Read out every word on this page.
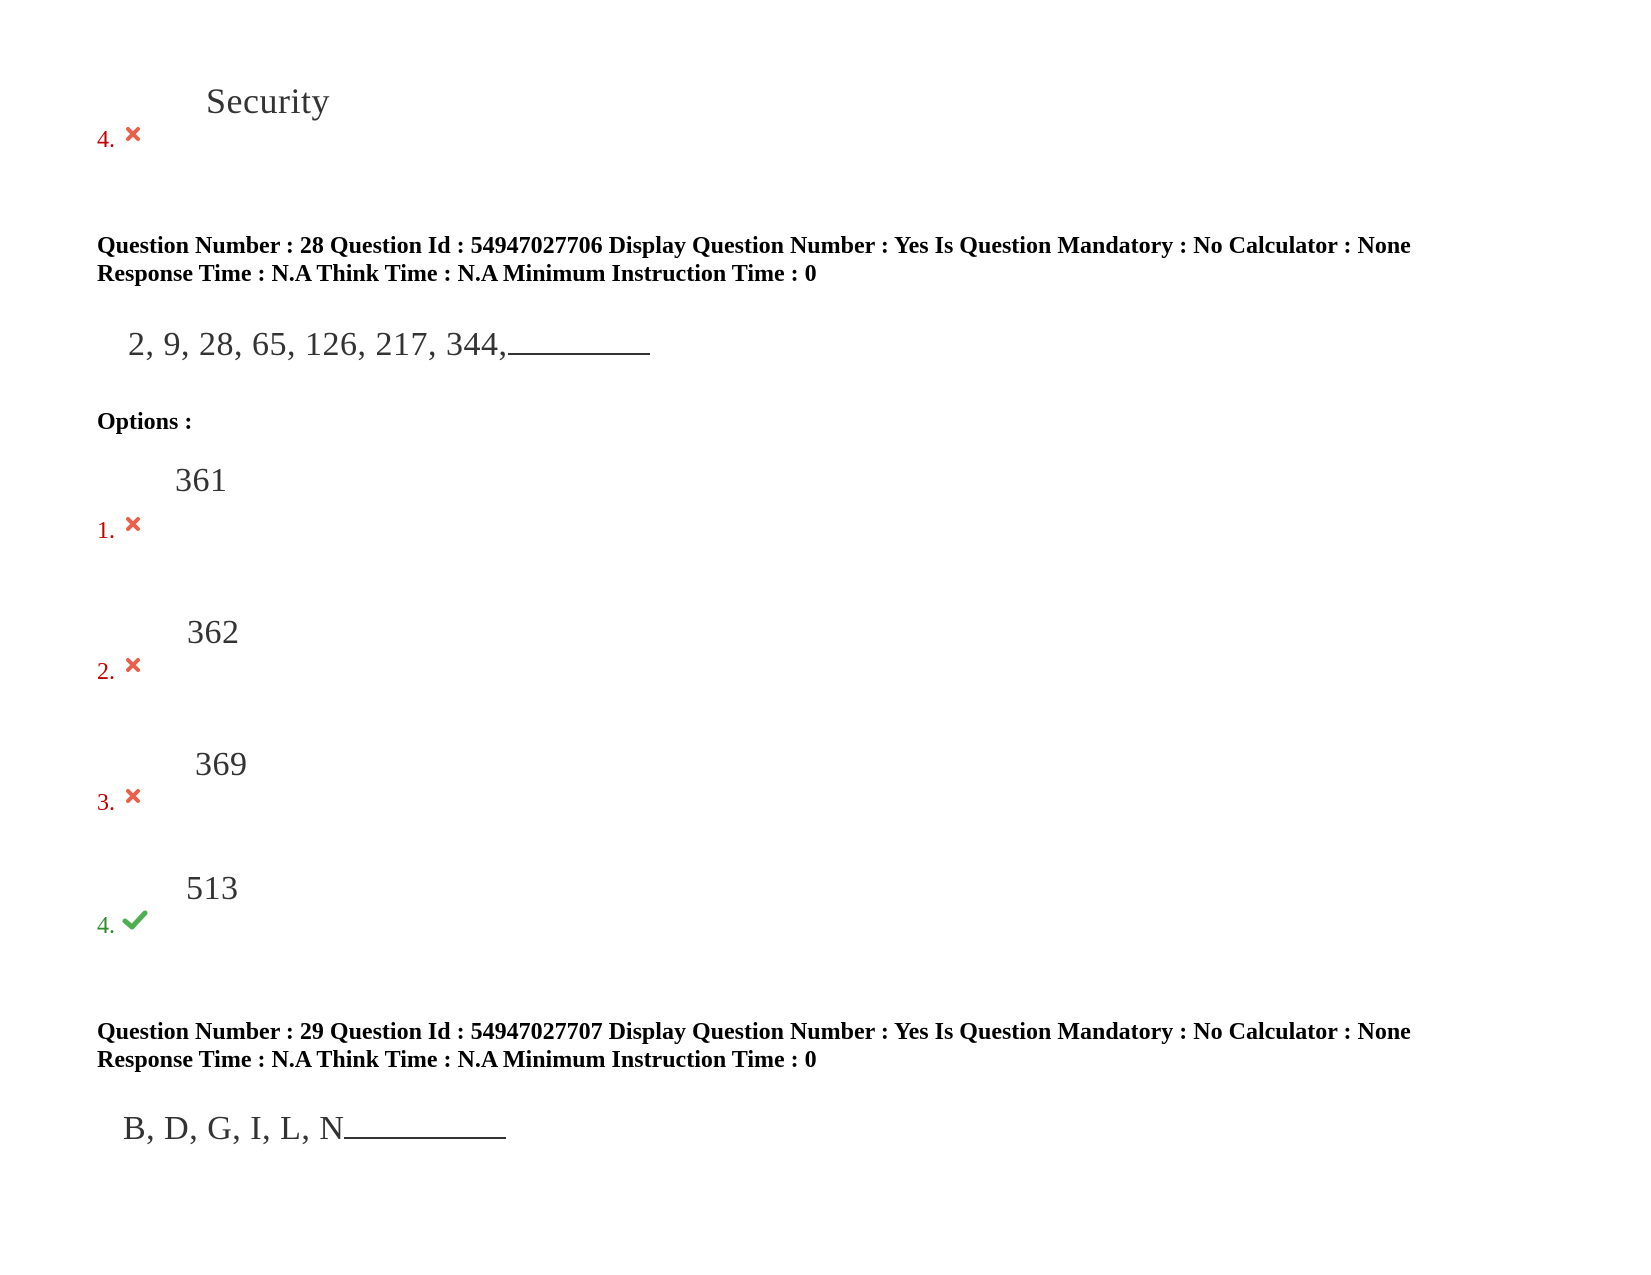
Security
4.
Question Number : 28 Question Id : 54947027706 Display Question Number : Yes Is Question Mandatory : No Calculator : None
Response Time : N.A Think Time : N.A Minimum Instruction Time : 0
2, 9, 28, 65, 126, 217, 344,
Options :
361
1.
362
2.
369
3.
513
4.
Question Number : 29 Question Id : 54947027707 Display Question Number : Yes Is Question Mandatory : No Calculator : None
Response Time : N.A Think Time : N.A Minimum Instruction Time : 0
B, D, G, I, L, N
